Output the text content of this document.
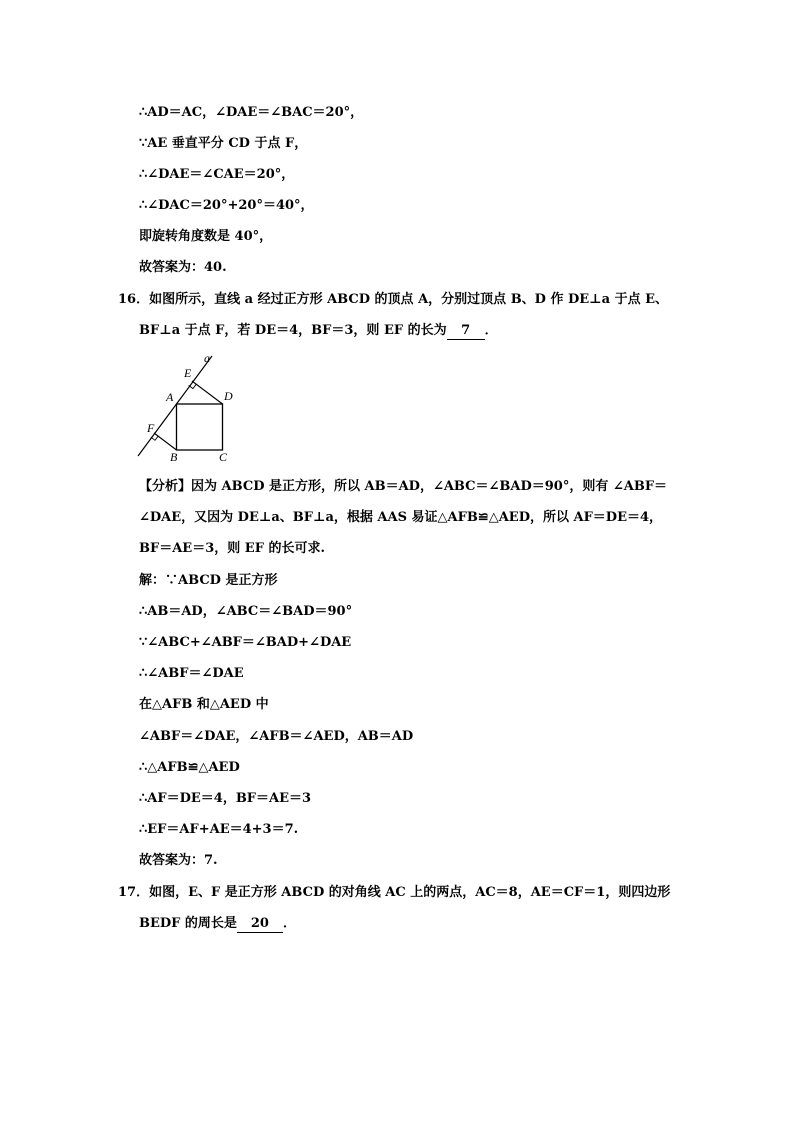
∴AD＝AC，∠DAE＝∠BAC＝20°，
∵AE 垂直平分 CD 于点 F，
∴∠DAE＝∠CAE＝20°，
∴∠DAC＝20°+20°＝40°，
即旋转角度数是 40°，
故答案为：40.
16．如图所示，直线 a 经过正方形 ABCD 的顶点 A，分别过顶点 B、D 作 DE⊥a 于点 E、
BF⊥a 于点 F，若 DE＝4，BF＝3，则 EF 的长为 7 ．
a
E
A	D
F
B	C
【分析】因为 ABCD 是正方形，所以 AB＝AD，∠ABC＝∠BAD＝90°，则有 ∠ABF＝
∠DAE，又因为 DE⊥a、BF⊥a，根据 AAS 易证△AFB≌△AED，所以 AF＝DE＝4，
BF＝AE＝3，则 EF 的长可求.
解：∵ABCD 是正方形
∴AB＝AD，∠ABC＝∠BAD＝90°
∵∠ABC+∠ABF＝∠BAD+∠DAE
∴∠ABF＝∠DAE
在△AFB 和△AED 中
∠ABF＝∠DAE，∠AFB＝∠AED，AB＝AD
∴△AFB≌△AED
∴AF＝DE＝4，BF＝AE＝3
∴EF＝AF+AE＝4+3＝7.
故答案为：7.
17．如图，E、F 是正方形 ABCD 的对角线 AC 上的两点，AC＝8，AE＝CF＝1，则四边形
BEDF 的周长是 20 ．
